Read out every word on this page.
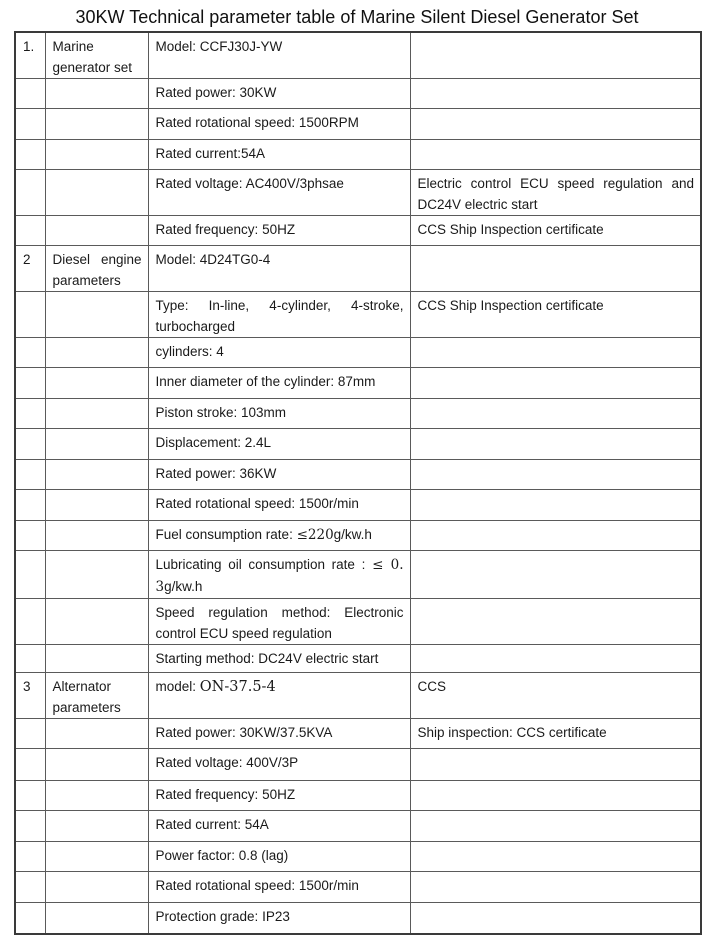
30KW Technical parameter table of Marine Silent Diesel Generator Set
1.	Marine generator set	Model: CCFJ30J-YW	
		Rated power: 30KW	
		Rated rotational speed: 1500RPM	
		Rated current:54A	
		Rated voltage: AC400V/3phsae	Electric control ECU speed regulation and DC24V electric start
		Rated frequency: 50HZ	CCS Ship Inspection certificate
2	Diesel engine parameters	Model: 4D24TG0-4	
		Type: In-line, 4-cylinder, 4-stroke, turbocharged	CCS Ship Inspection certificate
		cylinders: 4	
		Inner diameter of the cylinder: 87mm	
		Piston stroke: 103mm	
		Displacement: 2.4L	
		Rated power: 36KW	
		Rated rotational speed: 1500r/min	
		Fuel consumption rate: ≤220g/kw.h	
		Lubricating oil consumption rate : ≤ 0. 3g/kw.h	
		Speed regulation method: Electronic control ECU speed regulation	
		Starting method: DC24V electric start	
3	Alternator parameters	model: ON-37.5-4	CCS
		Rated power: 30KW/37.5KVA	Ship inspection: CCS certificate
		Rated voltage: 400V/3P	
		Rated frequency: 50HZ	
		Rated current: 54A	
		Power factor: 0.8 (lag)	
		Rated rotational speed: 1500r/min	
		Protection grade: IP23	
